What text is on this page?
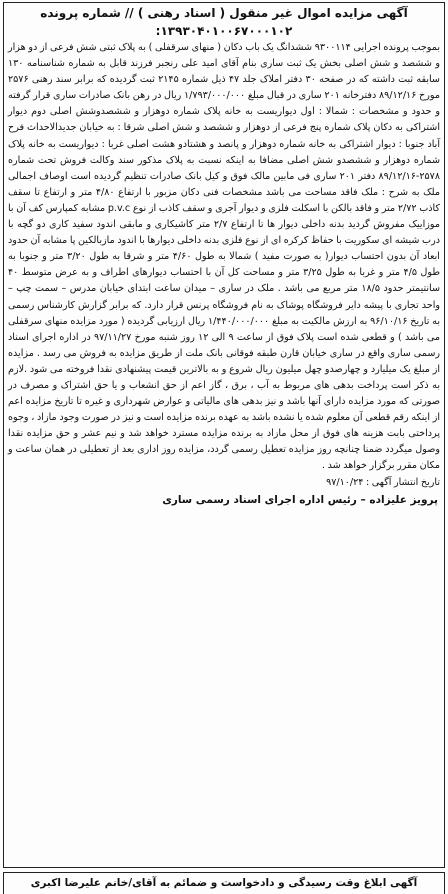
آگهی مزایده اموال غیر منقول ( اسناد رهنی ) // شماره پرونده
۱۳۹۳۰۴۰۱۰۰۶۷۰۰۰۱۰۲:

بموجب پرونده اجرایی ۹۳۰۰۱۱۴ ششدانگ یک باب دکان ( منهای سرقفلی ) به پلاک ثبتی شش فرعی از دو هزار و ششصد و شش اصلی بخش یک ثبت ساری بنام آقای امید علی رنجبر فرزند قابل به شماره شناسنامه ۱۳۰ سابقه ثبت داشته که در صفحه ۳۰ دفتر املاک جلد ۴۷ ذیل شماره ۲۱۴۵ ثبت گردیده که برابر سند رهنی ۲۵۷۶ مورخ ۸۹/۱۲/۱۶ دفترخانه ۲۰۱ ساری در قبال مبلغ ۱/۷۹۳/۰۰۰/۰۰۰ ریال در رهن بانک صادرات ساری قرار گرفته و حدود و مشخصات : شمالا : اول دیواریست به خانه پلاک شماره دوهزار و ششصدوشش اصلی دوم دیوار اشتراکی به دکان پلاک شماره پنج فرعی از دوهزار و ششصد و شش اصلی شرقا : به خیابان جدیدالاحداث فرح آباد جنوبا : دیوار اشتراکی به خانه شماره دوهزار و پانصد و هشتادو هشت اصلی غربا : دیواریست به خانه پلاک شماره دوهزار و ششصدو شش اصلی مضافا به اینکه نسبت به پلاک مذکور سند وکالت فروش تحت شماره ۲۵۷۸-۸۹/۱۲/۱۶ دفتر ۲۰۱ ساری فی مابین مالک فوق و کیل بانک صادرات تنظیم گردیده است اوصاف اجمالی ملک به شرح : ملک فاقد مساحت می باشد مشخصات فنی دکان مزبور با ارتفاع ۴/۸۰ متر و ارتفاع تا سقف کاذب ۲/۷۲ متر و فاقد بالکن با اسکلت فلزی و دیوار آجری و سقف کاذب از نوع p.v.c مشابه کمپارس کف آن با موزاییک مفروش گردید بدنه داخلی دیوار ها تا ارتفاع ۲/۷ متر کاشیکاری و مابقی اندود سفید کاری دو گچه با درب شیشه ای سکوریت با حفاظ کرکره ای از نوع فلزی بدنه داخلی دیوارها با اندود مازبالکین پا مشابه آن حدود ابعاد آن بدون احتساب دیوار( به صورت مفید ) شمالا به طول ۴/۶۰ متر و شرقا به طول ۳/۲۰ متر و جنوبا به طول ۴/۵ متر و غربا به طول ۳/۲۵ متر و مساحت کل آن با احتساب دیوارهای اطراف و به عرض متوسط ۴۰ سانتیمتر حدود ۱۸/۵ متر مربع می باشد . ملک در ساری – میدان ساعت ابتدای خیابان مدرس – سمت چپ – واحد تجاری با پیشه دایر فروشگاه پوشاک به نام فروشگاه پرنس قرار دارد. که برابر گزارش کارشناس رسمی به تاریخ ۹۶/۱۰/۱۶ به ارزش مالکیت به مبلغ ۱/۴۴۰/۰۰۰/۰۰۰ ریال ارزیابی گردیده ( مورد مزایده منهای سرقفلی می باشد ) و قطعی شده است پلاک فوق از ساعت ۹ الی ۱۲ روز شنبه مورخ ۹۷/۱۱/۲۷ در اداره اجرای اسناد رسمی ساری واقع در ساری خیابان قارن طبقه فوقانی بانک ملت از طریق مزایده به فروش می رسد . مزایده از مبلغ یک میلیارد و چهارصدو چهل میلیون ریال شروع و به بالاترین قیمت پیشنهادی نقدا فروخته می شود .لازم به ذکر است پرداخت بدهی های مربوط به آب ، برق ، گاز اعم از حق انشعاب و یا حق اشتراک و مصرف در صورتی که مورد مزایده دارای آنها باشد و نیز بدهی های مالیاتی و عوارض شهرداری و غیره تا تاریخ مزایده اعم از اینکه رقم قطعی آن معلوم شده یا نشده باشد به عهده برنده مزایده است و نیز در صورت وجود مازاد ، وجوه پرداختی بابت هزینه های فوق از محل مازاد به برنده مزایده مسترد خواهد شد و نیم عشر و حق مزایده نقدا وصول میگردد ضمنا چنانچه روز مزایده تعطیل رسمی گردد، مزایده روز اداری بعد از تعطیلی در همان ساعت و مکان مقرر برگزار خواهد شد .

تاریخ انتشار آگهی : ۹۷/۱۰/۲۴
پرویز علیزاده – رئیس اداره اجرای اسناد رسمی ساری
آگهی ابلاغ وقت رسیدگی و دادخواست و ضمائم به آقای/خانم علیرضا اکبری
